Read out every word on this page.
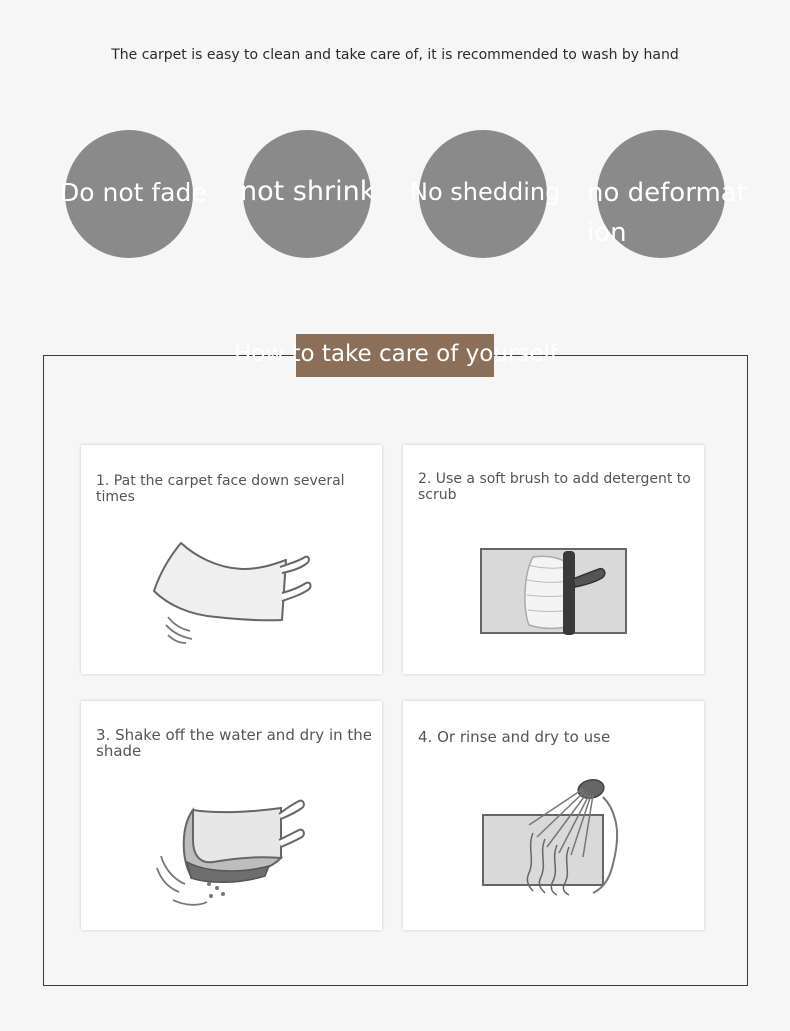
The carpet is easy to clean and take care of, it is recommended to wash by hand
Do not fade not shrink No shedding no deformation
How to take care of yourself
1. Pat the carpet face down several times
2. Use a soft brush to add detergent to scrub
3. Shake off the water and dry in the shade
4. Or rinse and dry to use
